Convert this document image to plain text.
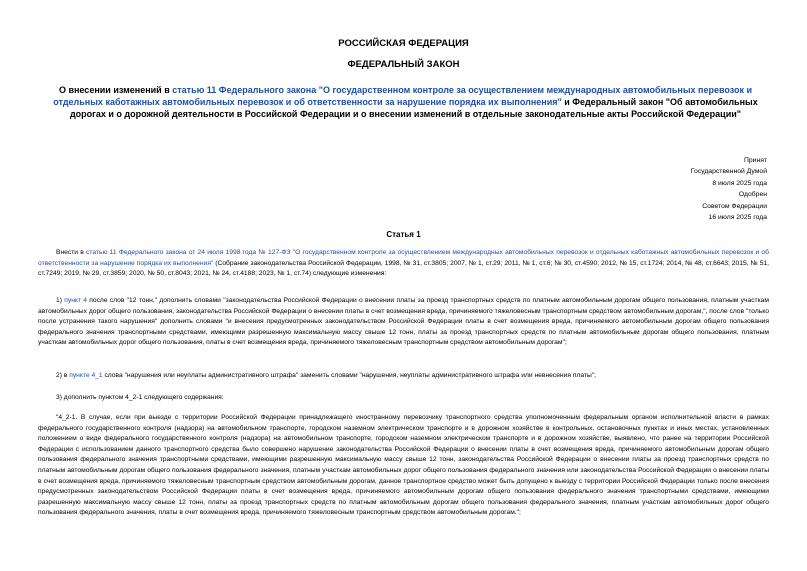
РОССИЙСКАЯ ФЕДЕРАЦИЯ
ФЕДЕРАЛЬНЫЙ ЗАКОН
О внесении изменений в статью 11 Федерального закона "О государственном контроле за осуществлением международных автомобильных перевозок и отдельных каботажных автомобильных перевозок и об ответственности за нарушение порядка их выполнения" и Федеральный закон "Об автомобильных дорогах и о дорожной деятельности в Российской Федерации и о внесении изменений в отдельные законодательные акты Российской Федерации"
Принят
Государственной Думой
8 июля 2025 года
Одобрен
Советом Федерации
16 июля 2025 года
Статья 1
Внести в статью 11 Федерального закона от 24 июля 1998 года № 127-ФЗ "О государственном контроле за осуществлением международных автомобильных перевозок и отдельных каботажных автомобильных перевозок и об ответственности за нарушение порядка их выполнения" (Собрание законодательства Российской Федерации, 1998, № 31, ст.3805; 2007, № 1, ст.29; 2011, № 1, ст.6; № 30, ст.4590; 2012, № 15, ст.1724; 2014, № 48, ст.6643; 2015, № 51, ст.7249; 2019, № 29, ст.3859; 2020, № 50, ст.8043; 2021, № 24, ст.4188; 2023, № 1, ст.74) следующие изменения:
1) пункт 4 после слов "12 тонн," дополнить словами "законодательства Российской Федерации о внесении платы за проезд транспортных средств по платным автомобильным дорогам общего пользования, платным участкам автомобильных дорог общего пользования, законодательства Российской Федерации о внесении платы в счет возмещения вреда, причиняемого тяжеловесным транспортным средством автомобильным дорогам,", после слов "только после устранения такого нарушения" дополнить словами "и внесения предусмотренных законодательством Российской Федерации платы в счет возмещения вреда, причиняемого автомобильным дорогам общего пользования федерального значения транспортными средствами, имеющими разрешенную максимальную массу свыше 12 тонн, платы за проезд транспортных средств по платным автомобильным дорогам общего пользования, платным участкам автомобильных дорог общего пользования, платы в счет возмещения вреда, причиняемого тяжеловесным транспортным средством автомобильным дорогам";
2) в пункте 4_1 слова "нарушения или неуплаты административного штрафа" заменить словами "нарушения, неуплаты административного штрафа или невнесения платы";
3) дополнить пунктом 4_2-1 следующего содержания:
"4_2-1. В случае, если при выезде с территории Российской Федерации принадлежащего иностранному перевозчику транспортного средства уполномоченным федеральным органом исполнительной власти в рамках федерального государственного контроля (надзора) на автомобильном транспорте, городском наземном электрическом транспорте и в дорожном хозяйстве в контрольных, остановочных пунктах и иных местах, установленных положением о виде федерального государственного контроля (надзора) на автомобильном транспорте, городском наземном электрическом транспорте и в дорожном хозяйстве, выявлено, что ранее на территории Российской Федерации с использованием данного транспортного средства было совершено нарушение законодательства Российской Федерации о внесении платы в счет возмещения вреда, причиняемого автомобильным дорогам общего пользования федерального значения транспортными средствами, имеющими разрешенную максимальную массу свыше 12 тонн, законодательства Российской Федерации о внесении платы за проезд транспортных средств по платным автомобильным дорогам общего пользования федерального значения, платным участкам автомобильных дорог общего пользования федерального значения или законодательства Российской Федерации о внесении платы в счет возмещения вреда, причиняемого тяжеловесным транспортным средством автомобильным дорогам, данное транспортное средство может быть допущено к выезду с территории Российской Федерации только после внесения предусмотренных законодательством Российской Федерации платы в счет возмещения вреда, причиняемого автомобильным дорогам общего пользования федерального значения транспортными средствами, имеющими разрешенную максимальную массу свыше 12 тонн, платы за проезд транспортных средств по платным автомобильным дорогам общего пользования федерального значения, платным участкам автомобильных дорог общего пользования федерального значения, платы в счет возмещения вреда, причиняемого тяжеловесным транспортным средством автомобильным дорогам.";
